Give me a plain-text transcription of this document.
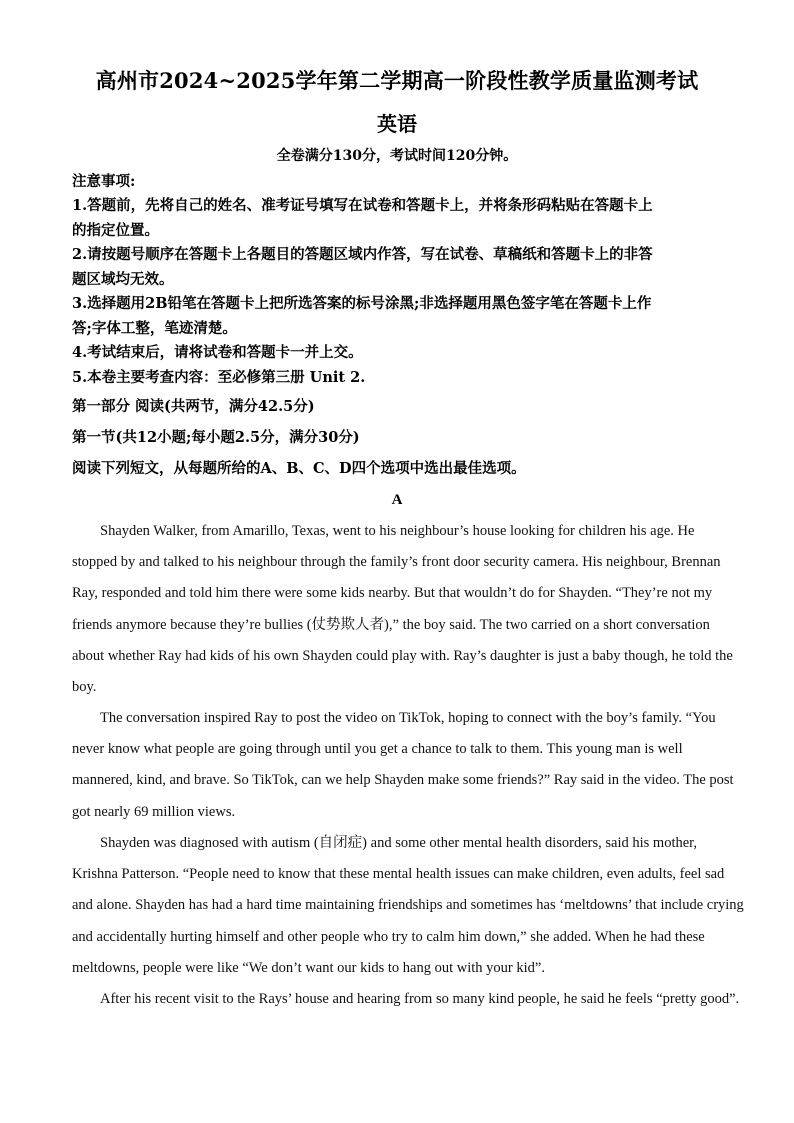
高州市2024~2025学年第二学期高一阶段性教学质量监测考试
英语
全卷满分130分，考试时间120分钟。
注意事项:
1.答题前，先将自己的姓名、准考证号填写在试卷和答题卡上，并将条形码粘贴在答题卡上
的指定位置。
2.请按题号顺序在答题卡上各题目的答题区域内作答，写在试卷、草稿纸和答题卡上的非答
题区域均无效。
3.选择题用2B铅笔在答题卡上把所选答案的标号涂黑;非选择题用黑色签字笔在答题卡上作
答;字体工整，笔迹清楚。
4.考试结束后，请将试卷和答题卡一并上交。
5.本卷主要考查内容：至必修第三册 Unit 2.
第一部分 阅读(共两节，满分42.5分)
第一节(共12小题;每小题2.5分，满分30分)
阅读下列短文，从每题所给的A、B、C、D四个选项中选出最佳选项。
A
Shayden Walker, from Amarillo, Texas, went to his neighbour’s house looking for children his age. He
stopped by and talked to his neighbour through the family’s front door security camera. His neighbour, Brennan
Ray, responded and told him there were some kids nearby. But that wouldn’t do for Shayden. “They’re not my
friends anymore because they’re bullies (仗势欺人者),” the boy said. The two carried on a short conversation
about whether Ray had kids of his own Shayden could play with. Ray’s daughter is just a baby though, he told the
boy.
The conversation inspired Ray to post the video on TikTok, hoping to connect with the boy’s family. “You
never know what people are going through until you get a chance to talk to them. This young man is well
mannered, kind, and brave. So TikTok, can we help Shayden make some friends?” Ray said in the video. The post
got nearly 69 million views.
Shayden was diagnosed with autism (自闭症) and some other mental health disorders, said his mother,
Krishna Patterson. “People need to know that these mental health issues can make children, even adults, feel sad
and alone. Shayden has had a hard time maintaining friendships and sometimes has ‘meltdowns’ that include crying
and accidentally hurting himself and other people who try to calm him down,” she added. When he had these
meltdowns, people were like “We don’t want our kids to hang out with your kid”.
After his recent visit to the Rays’ house and hearing from so many kind people, he said he feels “pretty good”.
